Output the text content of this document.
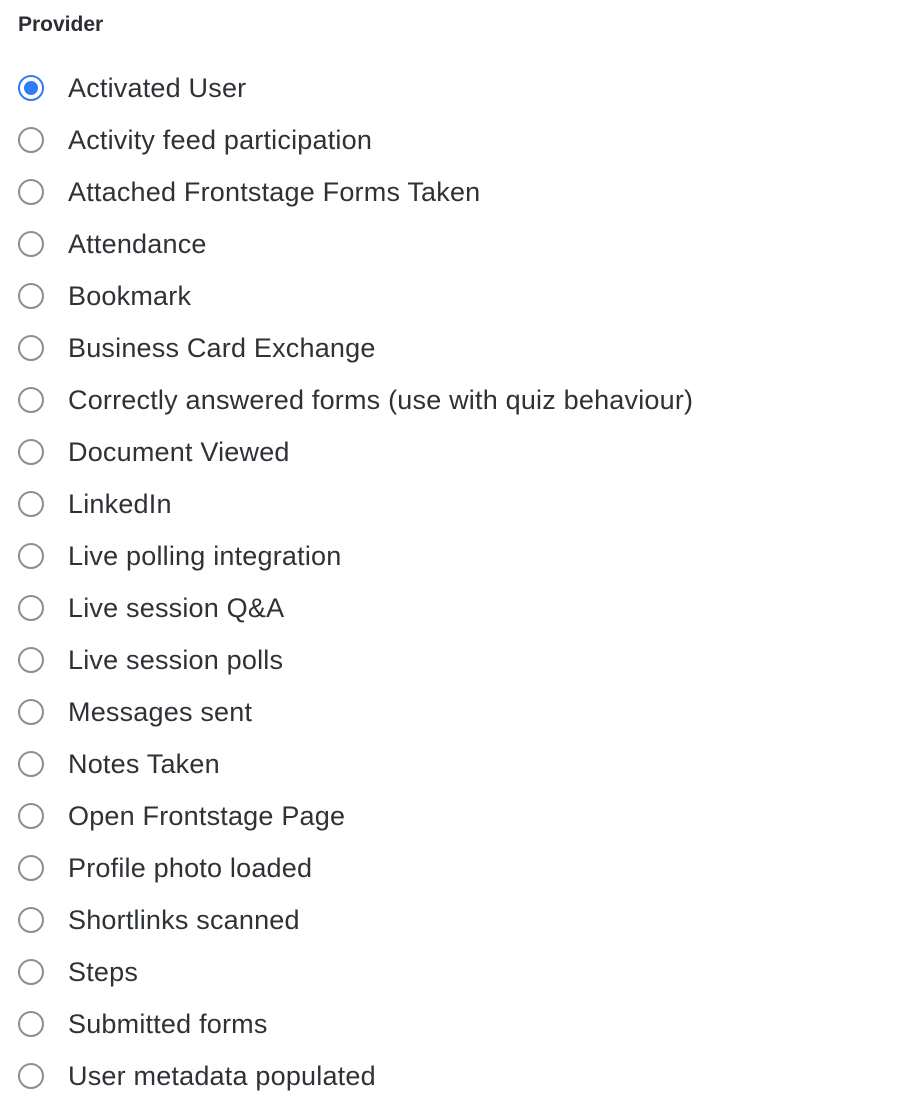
Provider
Activated User
Activity feed participation
Attached Frontstage Forms Taken
Attendance
Bookmark
Business Card Exchange
Correctly answered forms (use with quiz behaviour)
Document Viewed
LinkedIn
Live polling integration
Live session Q&A
Live session polls
Messages sent
Notes Taken
Open Frontstage Page
Profile photo loaded
Shortlinks scanned
Steps
Submitted forms
User metadata populated
